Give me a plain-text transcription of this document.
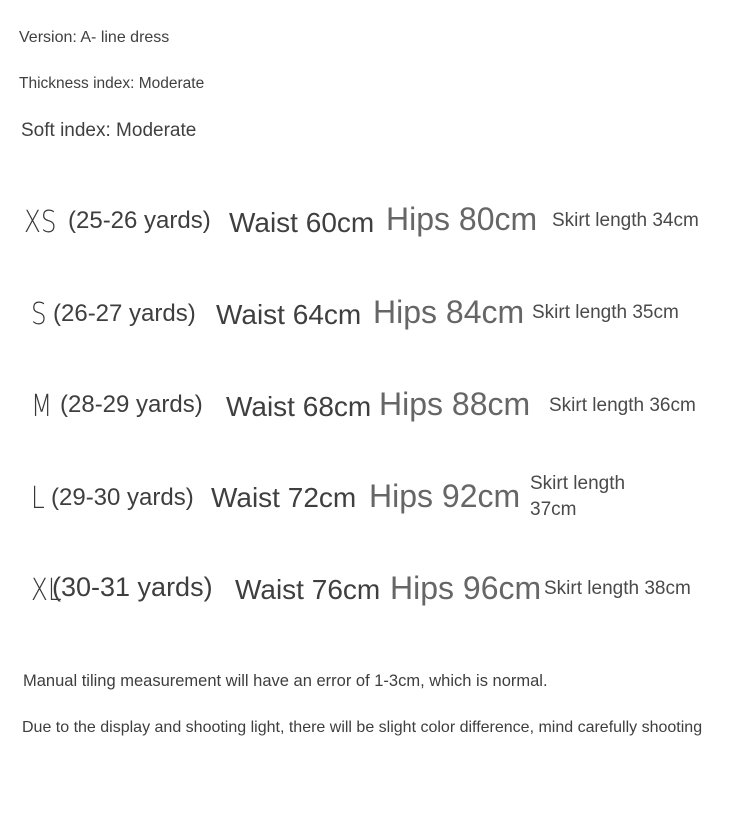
Version: A- line dress
Thickness index: Moderate
Soft index: Moderate
XS (25-26 yards) Waist 60cm Hips 80cm Skirt length 34cm
S (26-27 yards) Waist 64cm Hips 84cm Skirt length 35cm
M (28-29 yards) Waist 68cm Hips 88cm Skirt length 36cm
L (29-30 yards) Waist 72cm Hips 92cm Skirt length
37cm
XL
(30-31 yards) Waist 76cm Hips 96cm Skirt length 38cm
Manual tiling measurement will have an error of 1-3cm, which is normal.
Due to the display and shooting light, there will be slight color difference, mind carefully shooting
